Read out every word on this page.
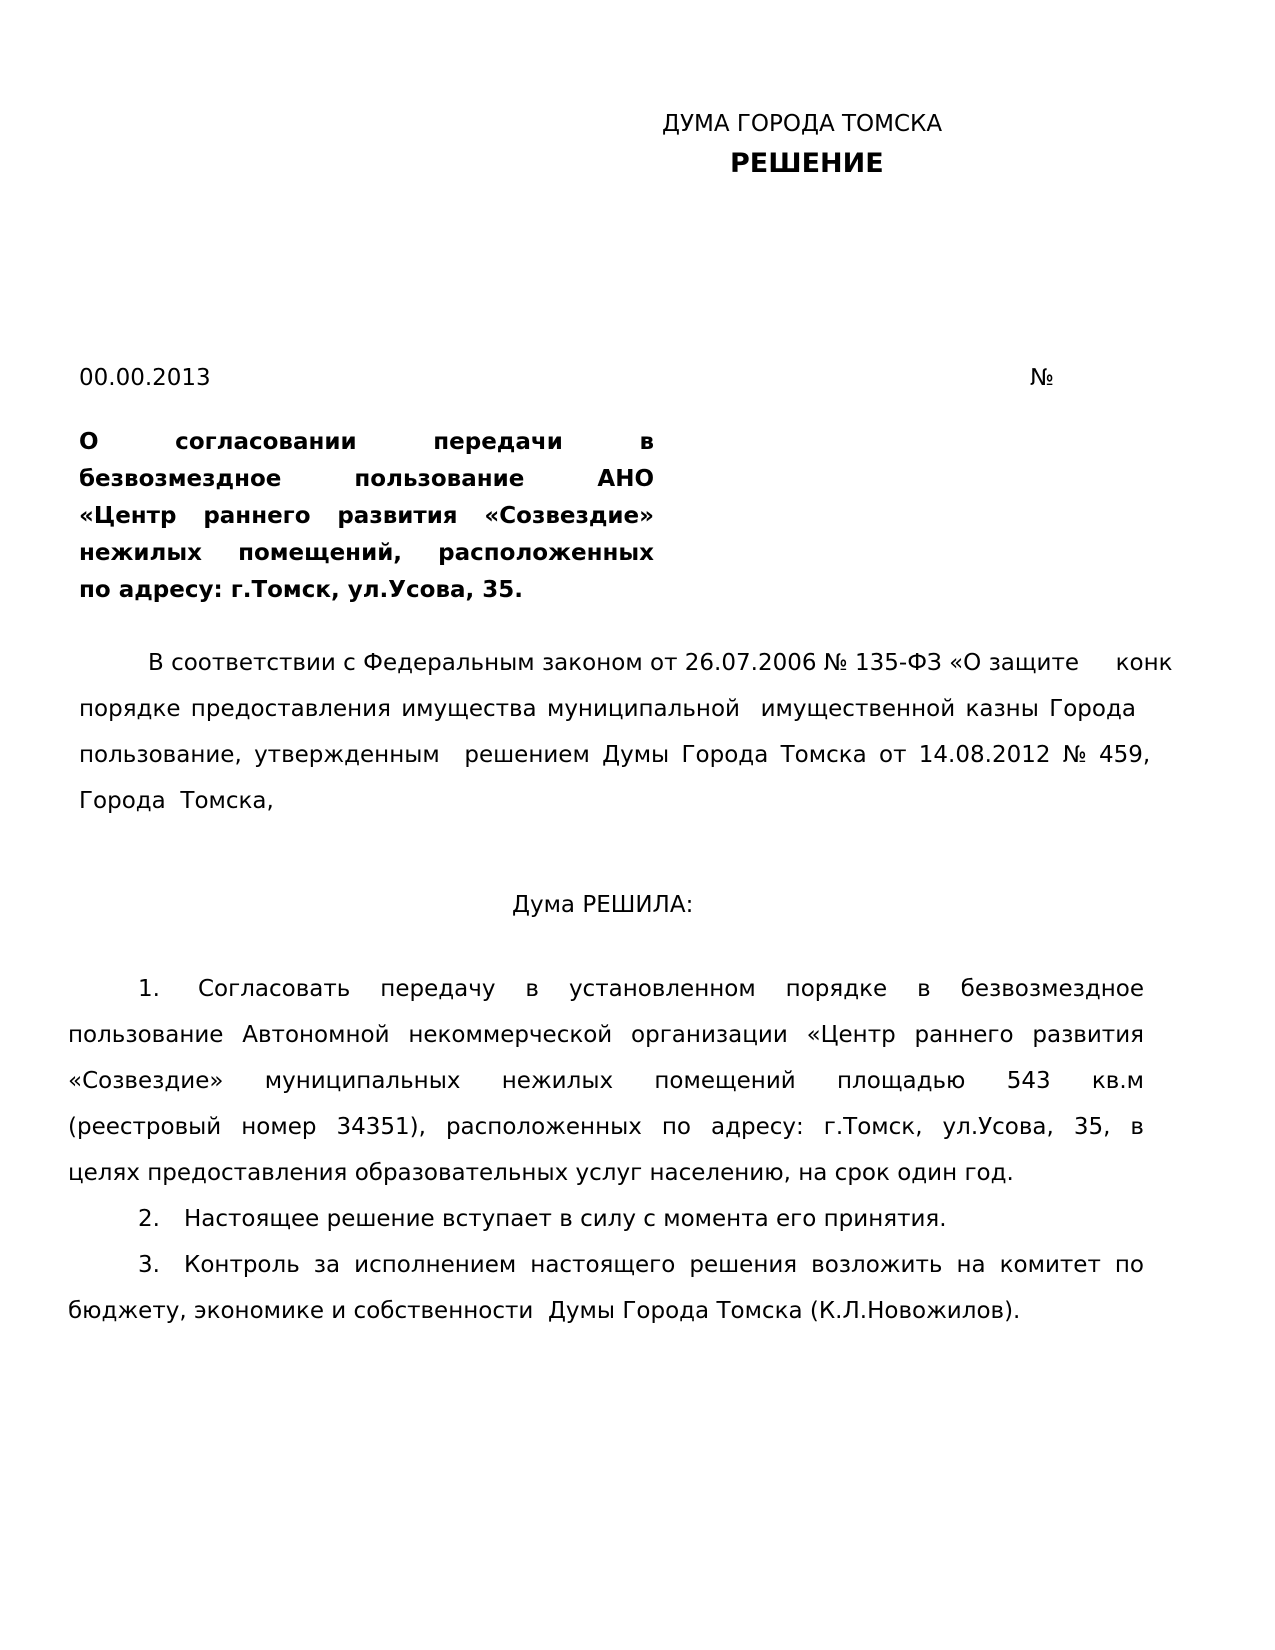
ДУМА ГОРОДА ТОМСКА
РЕШЕНИЕ
00.00.2013	№
О согласовании передачи в
безвозмездное пользование АНО
«Центр раннего развития «Созвездие»
нежилых помещений, расположенных
по адресу: г.Томск, ул.Усова, 35.
В соответствии с Федеральным законом от 26.07.2006 № 135-ФЗ «О защите     конк
порядке предоставления имущества муниципальной  имущественной казны Города
пользование, утвержденным  решением Думы Города Томска от 14.08.2012 № 459,
Города  Томска,
Дума РЕШИЛА:
1. Согласовать передачу в установленном порядке в безвозмездное
пользование Автономной некоммерческой организации «Центр раннего развития
«Созвездие» муниципальных нежилых помещений площадью 543 кв.м
(реестровый номер 34351), расположенных по адресу: г.Томск, ул.Усова, 35, в
целях предоставления образовательных услуг населению, на срок один год.
2. Настоящее решение вступает в силу с момента его принятия.
3. Контроль за исполнением настоящего решения возложить на комитет по
бюджету, экономике и собственности  Думы Города Томска (К.Л.Новожилов).
